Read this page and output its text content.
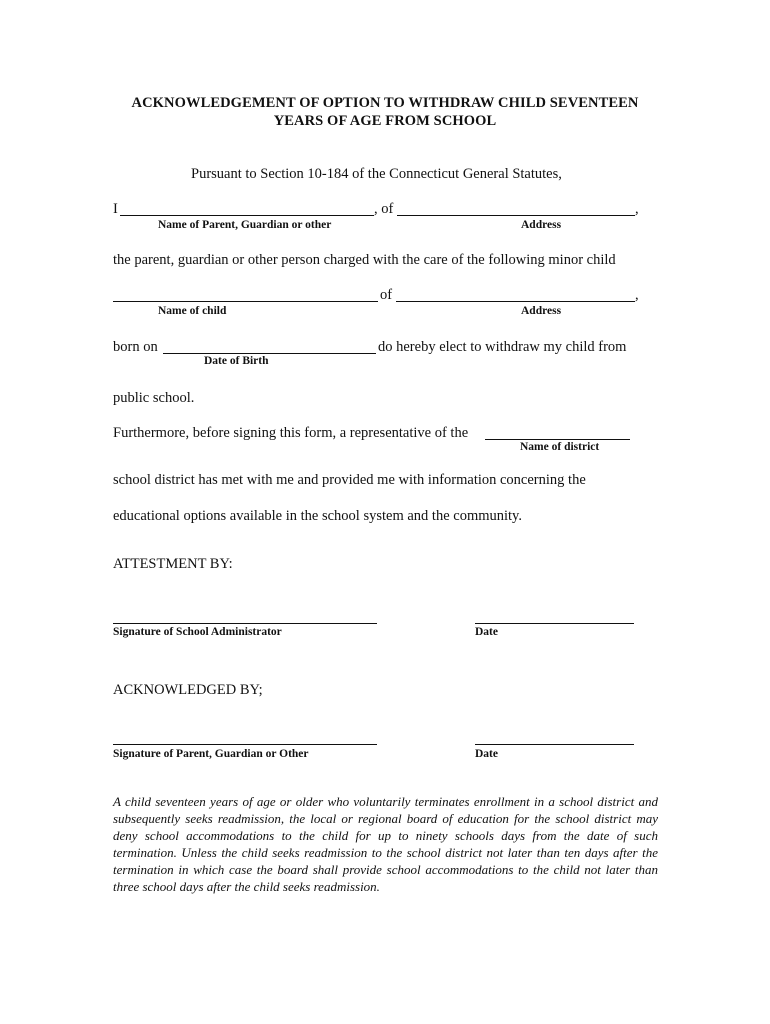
ACKNOWLEDGEMENT OF OPTION TO WITHDRAW CHILD SEVENTEEN
YEARS OF AGE FROM SCHOOL
Pursuant to Section 10-184 of the Connecticut General Statutes,
I	, of	,
Name of Parent, Guardian or other	Address
the parent, guardian or other person charged with the care of the following minor child
of	,
Name of child	Address
born on	do hereby elect to withdraw my child from
Date of Birth
public school.
Furthermore, before signing this form, a representative of the
Name of district
school district has met with me and provided me with information concerning the
educational options available in the school system and the community.
ATTESTMENT BY:
Signature of School Administrator	Date
ACKNOWLEDGED BY;
Signature of Parent, Guardian or Other	Date
A child seventeen years of age or older who voluntarily terminates enrollment in a school district and subsequently seeks readmission, the local or regional board of education for the school district may deny school accommodations to the child for up to ninety schools days from the date of such termination. Unless the child seeks readmission to the school district not later than ten days after the termination in which case the board shall provide school accommodations to the child not later than three school days after the child seeks readmission.
